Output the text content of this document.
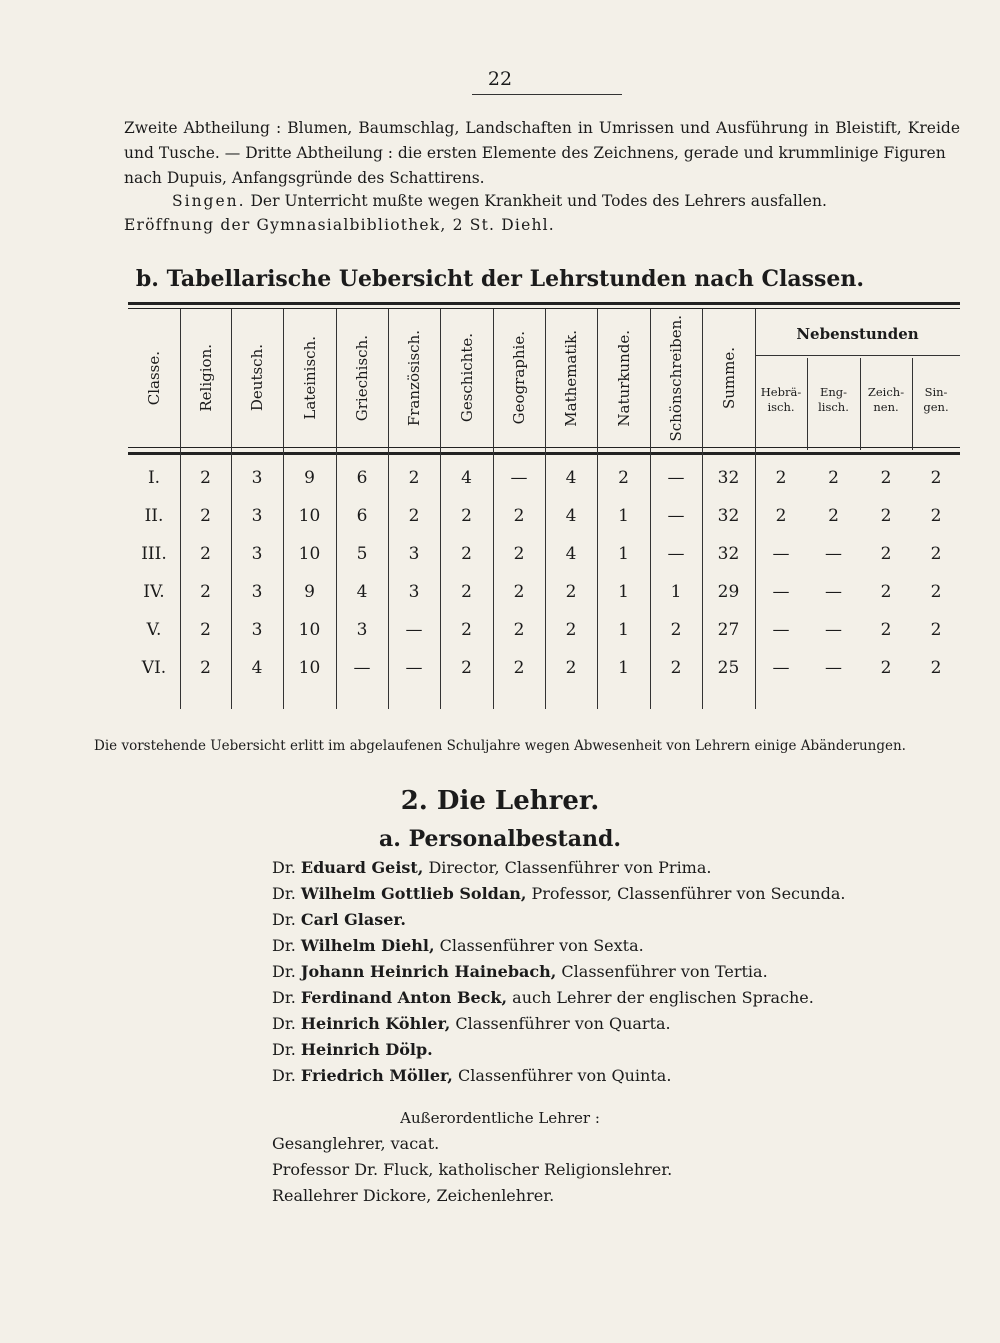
22
Zweite Abtheilung : Blumen, Baumschlag, Landschaften in Umrissen und Ausführung in Bleistift, Kreide und Tusche. — Dritte Abtheilung : die ersten Elemente des Zeichnens, gerade und krummlinige Figuren
nach Dupuis, Anfangsgründe des Schattirens.
Singen. Der Unterricht mußte wegen Krankheit und Todes des Lehrers ausfallen.
Eröffnung der Gymnasialbibliothek, 2 St. Diehl.
b. Tabellarische Uebersicht der Lehrstunden nach Classen.
Classe. Religion. Deutsch. Lateinisch. Griechisch. Französisch. Geschichte. Geographie. Mathematik. Naturkunde. Schönschreiben. Summe.
Nebenstunden
Hebrä-
isch.
Eng-
lisch.
Zeich-
nen.
Sin-
gen.
I.	2	3	9	6	2	4	—	4	2	—	32	2	2	2	2
II.	2	3	10	6	2	2	2	4	1	—	32	2	2	2	2
III.	2	3	10	5	3	2	2	4	1	—	32	—	—	2	2
IV.	2	3	9	4	3	2	2	2	1	1	29	—	—	2	2
V.	2	3	10	3	—	2	2	2	1	2	27	—	—	2	2
VI.	2	4	10	—	—	2	2	2	1	2	25	—	—	2	2
Die vorstehende Uebersicht erlitt im abgelaufenen Schuljahre wegen Abwesenheit von Lehrern einige Abänderungen.
2. Die Lehrer.
a. Personalbestand.
Dr. Eduard Geist, Director, Classenführer von Prima.
Dr. Wilhelm Gottlieb Soldan, Professor, Classenführer von Secunda.
Dr. Carl Glaser.
Dr. Wilhelm Diehl, Classenführer von Sexta.
Dr. Johann Heinrich Hainebach, Classenführer von Tertia.
Dr. Ferdinand Anton Beck, auch Lehrer der englischen Sprache.
Dr. Heinrich Köhler, Classenführer von Quarta.
Dr. Heinrich Dölp.
Dr. Friedrich Möller, Classenführer von Quinta.
Außerordentliche Lehrer :
Gesanglehrer, vacat.
Professor Dr. Fluck, katholischer Religionslehrer.
Reallehrer Dickore, Zeichenlehrer.
